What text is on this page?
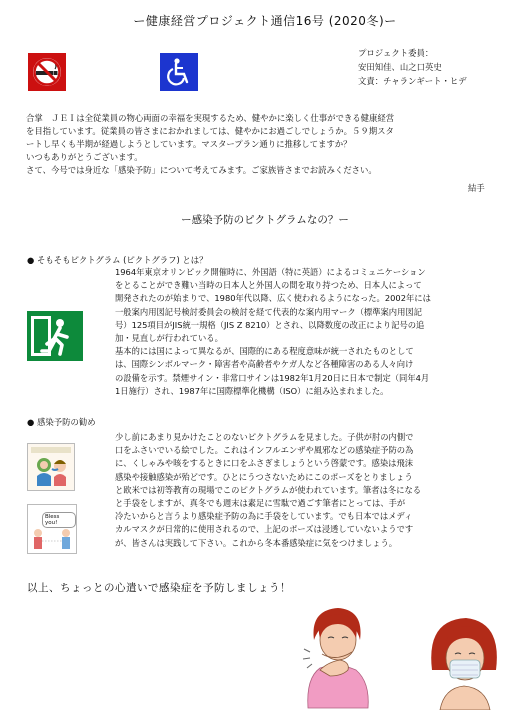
ー健康経営プロジェクト通信16号 (2020冬)ー
プロジェクト委員：
安田知佳、山之口英史
文責：チャランギート・ヒデ
合掌　ＪＥＩは全従業員の物心両面の幸福を実現するため、健やかに楽しく仕事ができる健康経営
を目指しています。従業員の皆さまにおかれましては、健やかにお過ごしでしょうか。５９期スタ
ートし早くも半期が経過しようとしています。マスタープラン通りに推移してますか？
いつもありがとうございます。
さて、今号では身近な「感染予防」について考えてみます。ご家族皆さまでお読みください。
結手
ー感染予防のピクトグラムなの？ー
● そもそもピクトグラム (ピクトグラフ) とは？
1964年東京オリンピック開催時に、外国語（特に英語）によるコミュニケーション
をとることができ難い当時の日本人と外国人の間を取り持つため、日本人によって
開発されたのが始まりで、1980年代以降、広く使われるようになった。2002年には
一般案内用図記号検討委員会の検討を経て代表的な案内用マーク（標準案内用図記
号）125項目がJIS統一規格（JIS Z 8210）とされ、以降数度の改正により記号の追
加・見直しが行われている。
基本的には国によって異なるが、国際的にある程度意味が統一されたものとして
は、国際シンボルマーク・障害者や高齢者やケガ人など各種障害のある人々向け
の設備を示す。禁煙サイン・非常口サインは1982年1月20日に日本で制定（同年4月
1日施行）され、1987年に国際標準化機構（ISO）に組み込まれました。
● 感染予防の勧め
Bless you!
少し前にあまり見かけたことのないピクトグラムを見ました。子供が肘の内側で
口をふさいでいる絵でした。これはインフルエンザや風邪などの感染症予防の為
に、くしゃみや咳をするときに口をふさぎましょうという啓蒙です。感染は飛沫
感染や接触感染が殆どです。ひとにうつさないためにこのポーズをとりましょう
と欧米では初等教育の現場でこのピクトグラムが使われています。筆者は冬になる
と手袋をしますが、真冬でも週末は素足に雪駄で過ごす筆者にとっては、手が
冷たいからと言うより感染症予防の為に手袋をしています。でも日本ではメディ
カルマスクが日常的に使用されるので、上記のポーズは浸透していないようです
が、皆さんは実践して下さい。これから冬本番感染症に気をつけましょう。
以上、ちょっとの心遣いで感染症を予防しましょう！
